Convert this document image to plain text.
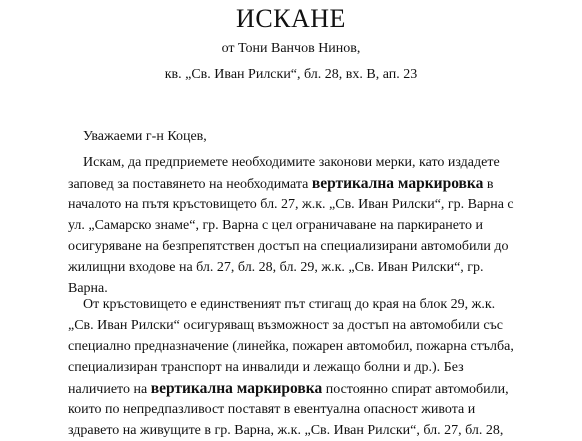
ИСКАНЕ
от Тони Ванчов Нинов,
кв. „Св. Иван Рилски“, бл. 28, вх. В, ап. 23
Уважаеми г-н Коцев,
Искам, да предприемете необходимите законови мерки, като издадете
заповед за поставянето на необходимата вертикална маркировка в
началото на пътя кръстовището бл. 27, ж.к. „Св. Иван Рилски“, гр. Варна с
ул. „Самарско знаме“, гр. Варна с цел ограничаване на паркирането и
осигуряване на безпрепятствен достъп на специализирани автомобили до
жилищни входове на бл. 27, бл. 28, бл. 29, ж.к. „Св. Иван Рилски“, гр.
Варна.
От кръстовището е единственият път стигащ до края на блок 29, ж.к.
„Св. Иван Рилски“ осигуряващ възможност за достъп на автомобили със
специално предназначение (линейка, пожарен автомобил, пожарна стълба,
специализиран транспорт на инвалиди и лежащо болни и др.). Без
наличието на вертикална маркировка постоянно спират автомобили,
които по непредпазливост поставят в евентуална опасност живота и
здравето на живущите в гр. Варна, ж.к. „Св. Иван Рилски“, бл. 27, бл. 28,
